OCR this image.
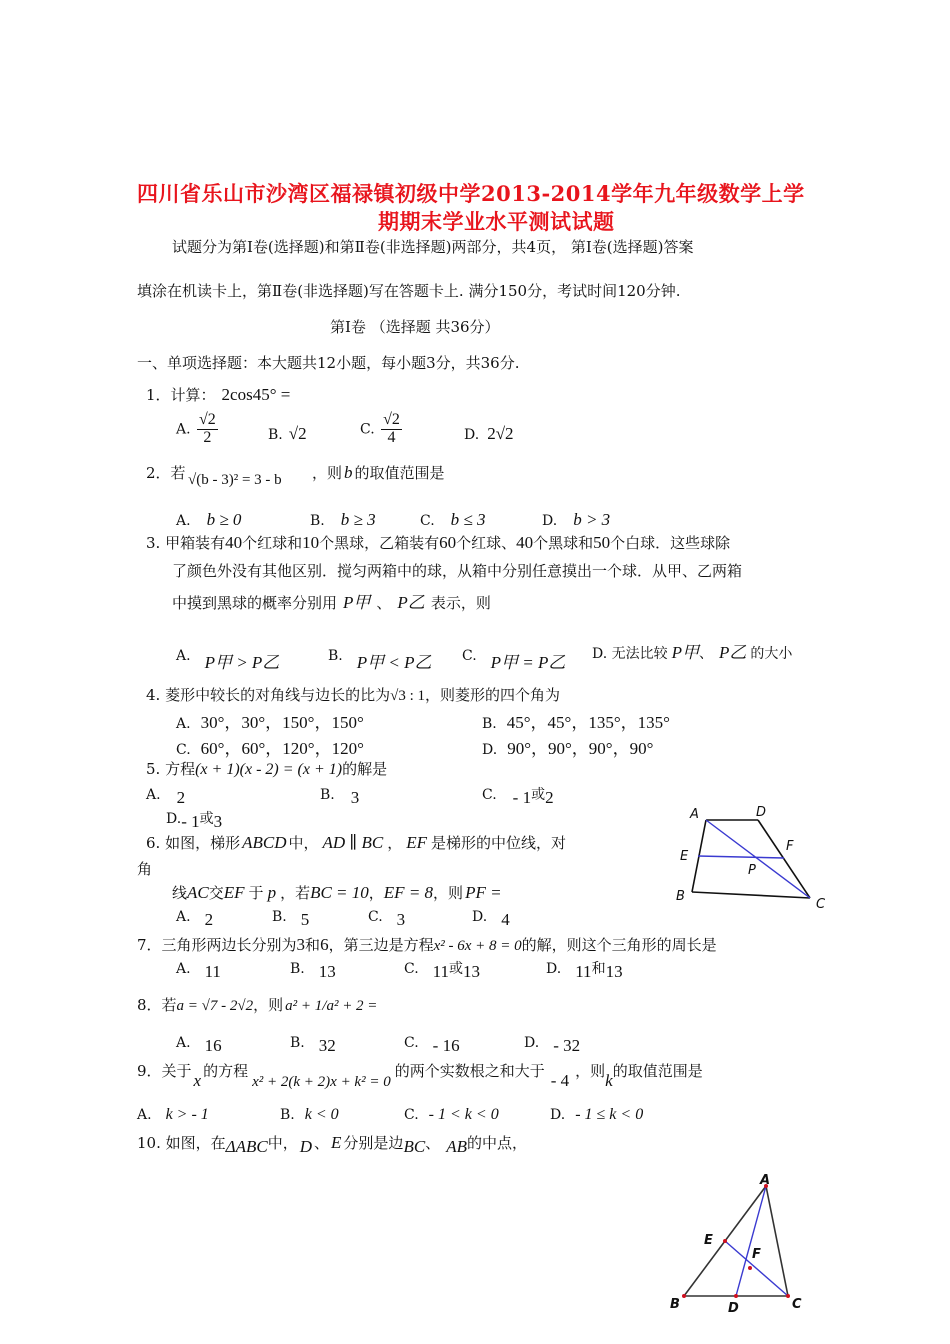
四川省乐山市沙湾区福禄镇初级中学2013-2014学年九年级数学上学
期期末学业水平测试试题
试题分为第Ⅰ卷(选择题)和第Ⅱ卷(非选择题)两部分，共4页， 第Ⅰ卷(选择题)答案
填涂在机读卡上，第Ⅱ卷(非选择题)写在答题卡上. 满分150分，考试时间120分钟.
第Ⅰ卷 （选择题 共36分）
一、单项选择题：本大题共12小题，每小题3分，共36分.
1．计算： 2cos45° =
A. $\frac{√2}{2}$	B. √2	C. $\frac{√2}{4}$	D. 2√2
2．若 √(b - 3)² = 3 - b ，则 b 的取值范围是
A. b ≥ 0	B. b ≥ 3	C. b ≤ 3	D. b > 3
3. 甲箱装有40个红球和10个黑球，乙箱装有60个红球、40个黑球和50个白球．这些球除
了颜色外没有其他区别．搅匀两箱中的球，从箱中分别任意摸出一个球．从甲、乙两箱
中摸到黑球的概率分别用 P甲 、 P乙 表示，则
A. P甲 > P乙	B. P甲 < P乙 C. P甲 = P乙 D. 无法比较 P甲、 P乙 的大小
4. 菱形中较长的对角线与边长的比为√3 : 1，则菱形的四个角为
A. 30°，30°，150°，150°	B. 45°，45°，135°，135°
C. 60°，60°，120°，120°	D. 90°，90°，90°，90°
5. 方程(x + 1)(x - 2) = (x + 1)的解是
A. 2	B. 3	C. - 1或2
D.- 1或3
6. 如图，梯形 ABCD 中， AD ∥ BC ， EF 是梯形的中位线，对
角
线AC交EF 于 p ，若BC = 10，EF = 8，则 PF =
A. 2	B. 5	C. 3	D. 4
A	D
E
F
P
B
C
7．三角形两边长分别为3和6，第三边是方程x² - 6x + 8 = 0的解，则这个三角形的周长是
A. 11	B. 13	C. 11或13	D. 11和13
8．若a = √7 - 2√2，则 a² + 1/a² + 2 =
A. 16	B. 32	C. - 16	D. - 32
9．关于 x 的方程x² + 2(k + 2)x + k² = 0的两个实数根之和大于 - 4 ，则k的取值范围是
A. k > - 1	B. k < 0	C. - 1 < k < 0	D. - 1 ≤ k < 0
10. 如图，在ΔABC中， D 、 E 分别是边BC、 AB的中点，
A
E
F
B	D	C
